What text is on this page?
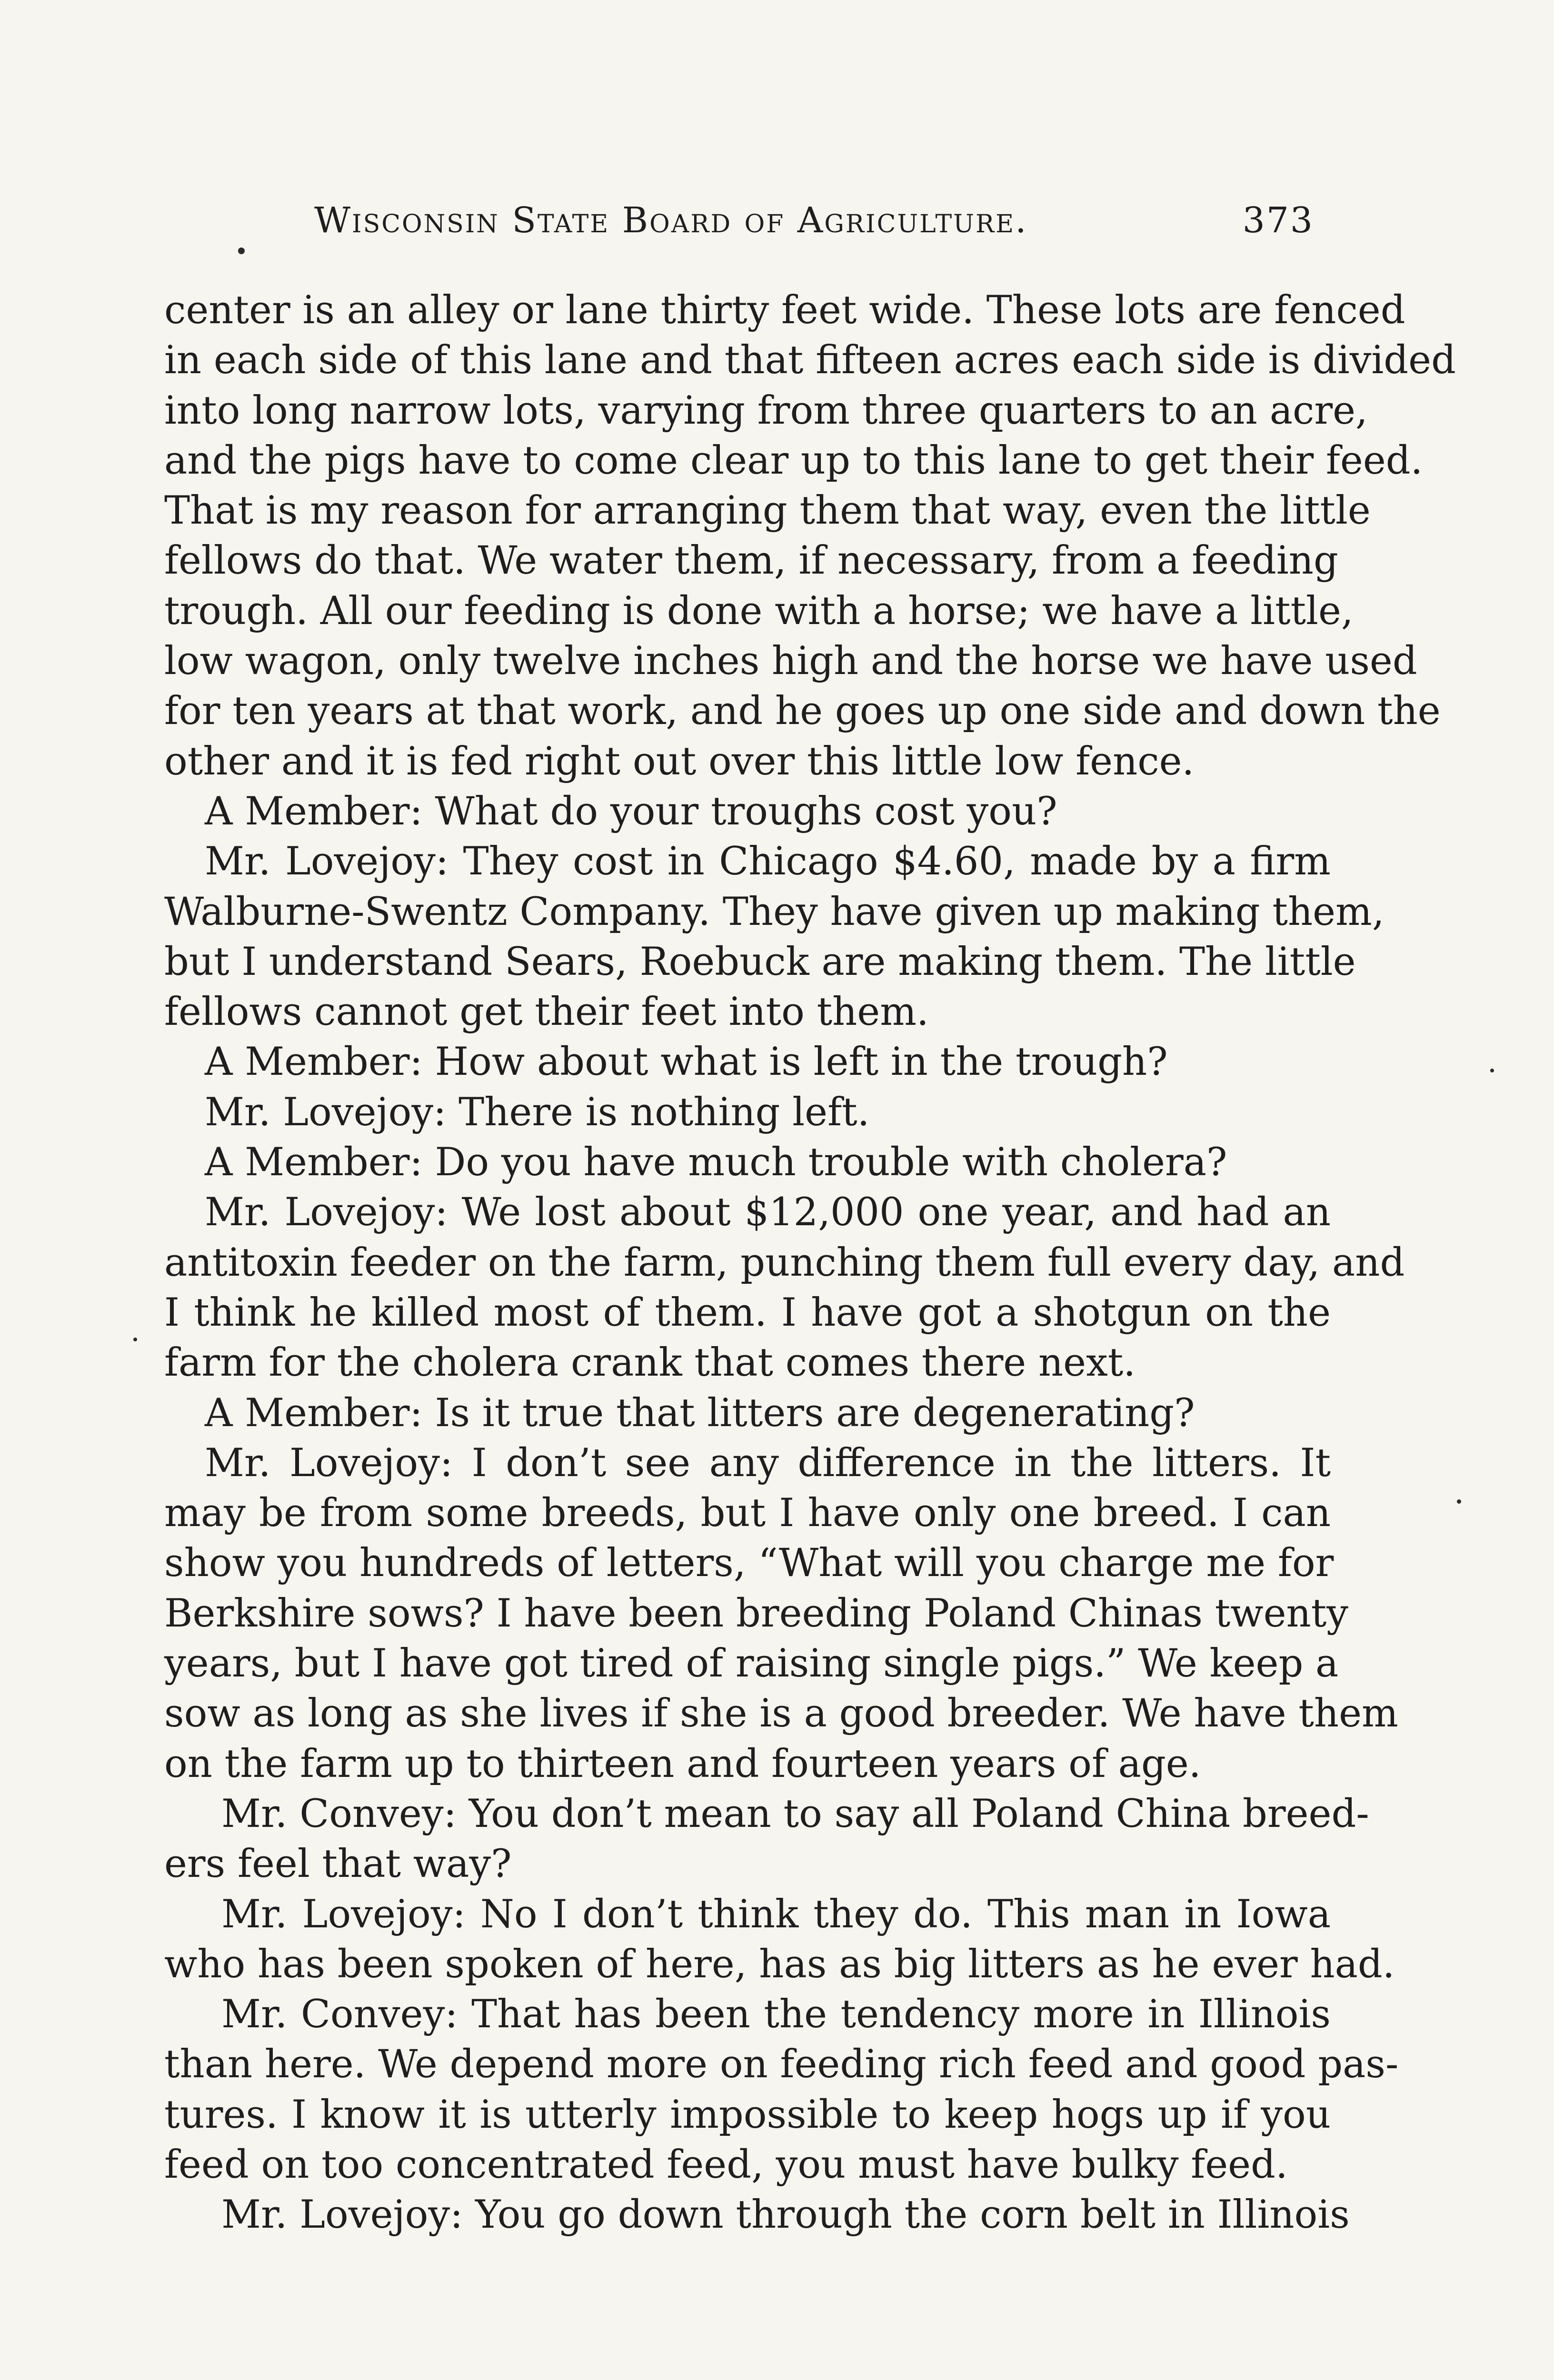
Wisconsin State Board of Agriculture.	373
center is an alley or lane thirty feet wide. These lots are fenced
in each side of this lane and that fifteen acres each side is divided
into long narrow lots, varying from three quarters to an acre,
and the pigs have to come clear up to this lane to get their feed.
That is my reason for arranging them that way, even the little
fellows do that. We water them, if necessary, from a feeding
trough. All our feeding is done with a horse; we have a little,
low wagon, only twelve inches high and the horse we have used
for ten years at that work, and he goes up one side and down the
other and it is fed right out over this little low fence.
A Member: What do your troughs cost you?
Mr. Lovejoy: They cost in Chicago $4.60, made by a firm
Walburne-Swentz Company. They have given up making them,
but I understand Sears, Roebuck are making them. The little
fellows cannot get their feet into them.
A Member: How about what is left in the trough?
Mr. Lovejoy: There is nothing left.
A Member: Do you have much trouble with cholera?
Mr. Lovejoy: We lost about $12,000 one year, and had an
antitoxin feeder on the farm, punching them full every day, and
I think he killed most of them. I have got a shotgun on the
farm for the cholera crank that comes there next.
A Member: Is it true that litters are degenerating?
Mr. Lovejoy: I don’t see any difference in the litters. It
may be from some breeds, but I have only one breed. I can
show you hundreds of letters, “What will you charge me for
Berkshire sows? I have been breeding Poland Chinas twenty
years, but I have got tired of raising single pigs.” We keep a
sow as long as she lives if she is a good breeder. We have them
on the farm up to thirteen and fourteen years of age.
Mr. Convey: You don’t mean to say all Poland China breed-
ers feel that way?
Mr. Lovejoy: No I don’t think they do. This man in Iowa
who has been spoken of here, has as big litters as he ever had.
Mr. Convey: That has been the tendency more in Illinois
than here. We depend more on feeding rich feed and good pas-
tures. I know it is utterly impossible to keep hogs up if you
feed on too concentrated feed, you must have bulky feed.
Mr. Lovejoy: You go down through the corn belt in Illinois
